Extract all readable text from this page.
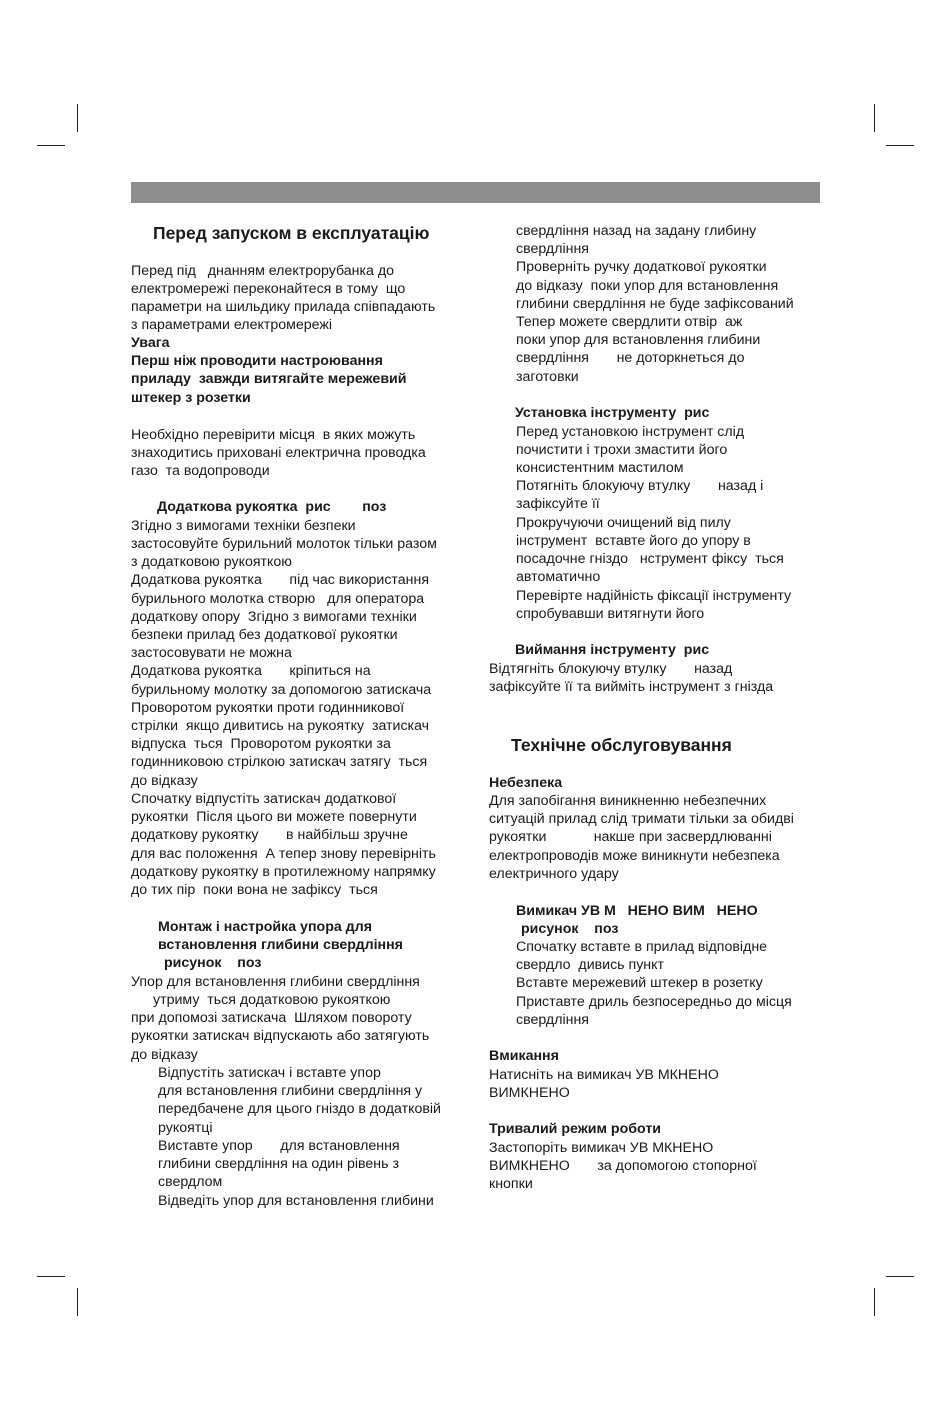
Перед запуском в експлуатацію
Перед під   днанням електрорубанка до
електромережі переконайтеся в тому  що
параметри на шильдику прилада співпадають
з параметрами електромережі
Увага
Перш ніж проводити настроювання
приладу  завжди витягайте мережевий
штекер з розетки
Необхідно перевірити місця  в яких можуть
знаходитись приховані електрична проводка
газо  та водопроводи
Додаткова рукоятка  рис        поз
Згідно з вимогами техніки безпеки
застосовуйте бурильний молоток тільки разом
з додатковою рукояткою
Додаткова рукоятка       під час використання
бурильного молотка створю   для оператора
додаткову опору  Згідно з вимогами техніки
безпеки прилад без додаткової рукоятки
застосовувати не можна
Додаткова рукоятка       кріпиться на
бурильному молотку за допомогою затискача
Проворотом рукоятки проти годинникової
стрілки  якщо дивитись на рукоятку  затискач
відпуска  ться  Проворотом рукоятки за
годинниковою стрілкою затискач затягу  ться
до відказу
Спочатку відпустіть затискач додаткової
рукоятки  Після цього ви можете повернути
додаткову рукоятку       в найбільш зручне
для вас положення  А тепер знову перевірніть
додаткову рукоятку в протилежному напрямку
до тих пір  поки вона не зафіксу  ться
Монтаж і настройка упора для
встановлення глибини свердління
рисунок    поз
Упор для встановлення глибини свердління
утриму  ться додатковою рукояткою
при допомозі затискача  Шляхом повороту
рукоятки затискач відпускають або затягують
до відказу
Відпустіть затискач і вставте упор
для встановлення глибини свердління у
передбачене для цього гніздо в додатковій
рукоятці
Виставте упор       для встановлення
глибини свердління на один рівень з
свердлом
Відведіть упор для встановлення глибини
свердління назад на задану глибину
свердління
Проверніть ручку додаткової рукоятки
до відказу  поки упор для встановлення
глибини свердління не буде зафіксований
Тепер можете свердлити отвір  аж
поки упор для встановлення глибини
свердління       не доторкнеться до
заготовки
Установка інструменту  рис
Перед установкою інструмент слід
почистити і трохи змастити його
консистентним мастилом
Потягніть блокуючу втулку       назад і
зафіксуйте її
Прокручуючи очищений від пилу
інструмент  вставте його до упору в
посадочне гніздо   нструмент фіксу  ться
автоматично
Перевірте надійність фіксації інструменту
спробувавши витягнути його
Виймання інструменту  рис
Відтягніть блокуючу втулку       назад
зафіксуйте її та вийміть інструмент з гнізда
Технічне обслуговування
Небезпека
Для запобігання виникненню небезпечних
ситуацій прилад слід тримати тільки за обидві
рукоятки            накше при засвердлюванні
електропроводів може виникнути небезпека
електричного удару
Вимикач УВ М   НЕНО ВИМ   НЕНО
рисунок    поз
Спочатку вставте в прилад відповідне
свердло  дивись пункт
Вставте мережевий штекер в розетку
Приставте дриль безпосередньо до місця
свердління
Вмикання
Натисніть на вимикач УВ МКНЕНО
ВИМКНЕНО
Тривалий режим роботи
Застопоріть вимикач УВ МКНЕНО
ВИМКНЕНО       за допомогою стопорної
кнопки
